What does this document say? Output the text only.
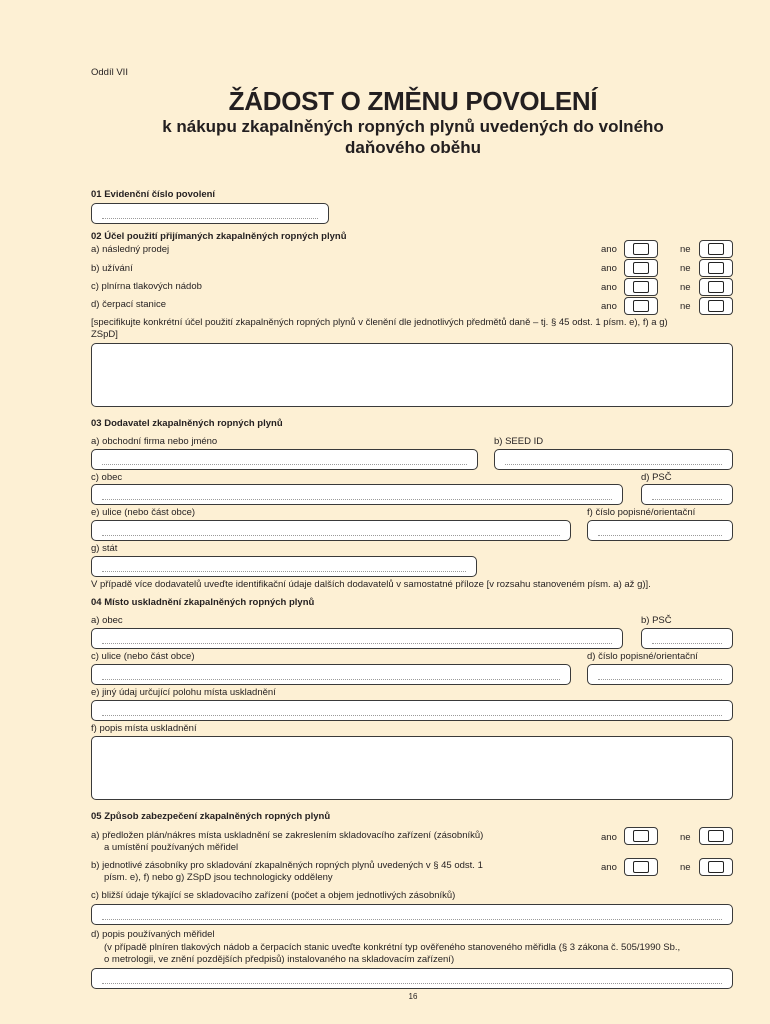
Oddíl VII
ŽÁDOST O ZMĚNU POVOLENÍ
k nákupu zkapalněných ropných plynů uvedených do volného
daňového oběhu
01 Evidenční číslo povolení
02 Účel použití přijímaných zkapalněných ropných plynů
a) následný prodej	ano	ne
b) užívání	ano	ne
c) plnírna tlakových nádob	ano	ne
d) čerpací stanice	ano	ne
[specifikujte konkrétní účel použití zkapalněných ropných plynů v členění dle jednotlivých předmětů daně – tj. § 45 odst. 1 písm. e), f) a g)
ZSpD]
03 Dodavatel zkapalněných ropných plynů
a) obchodní firma nebo jméno	b) SEED ID
c) obec	d) PSČ
e) ulice (nebo část obce)	f) číslo popisné/orientační
g) stát
V případě více dodavatelů uveďte identifikační údaje dalších dodavatelů v samostatné příloze [v rozsahu stanoveném písm. a) až g)].
04 Místo uskladnění zkapalněných ropných plynů
a) obec	b) PSČ
c) ulice (nebo část obce)	d) číslo popisné/orientační
e) jiný údaj určující polohu místa uskladnění
f) popis místa uskladnění
05 Způsob zabezpečení zkapalněných ropných plynů
a) předložen plán/nákres místa uskladnění se zakreslením skladovacího zařízení (zásobníků)
a umístění používaných měřidel
ano	ne
b) jednotlivé zásobníky pro skladování zkapalněných ropných plynů uvedených v § 45 odst. 1
písm. e), f) nebo g) ZSpD jsou technologicky odděleny
ano	ne
c) bližší údaje týkající se skladovacího zařízení (počet a objem jednotlivých zásobníků)
d) popis používaných měřidel
(v případě plníren tlakových nádob a čerpacích stanic uveďte konkrétní typ ověřeného stanoveného měřidla (§ 3 zákona č. 505/1990 Sb.,
o metrologii, ve znění pozdějších předpisů) instalovaného na skladovacím zařízení)
16
